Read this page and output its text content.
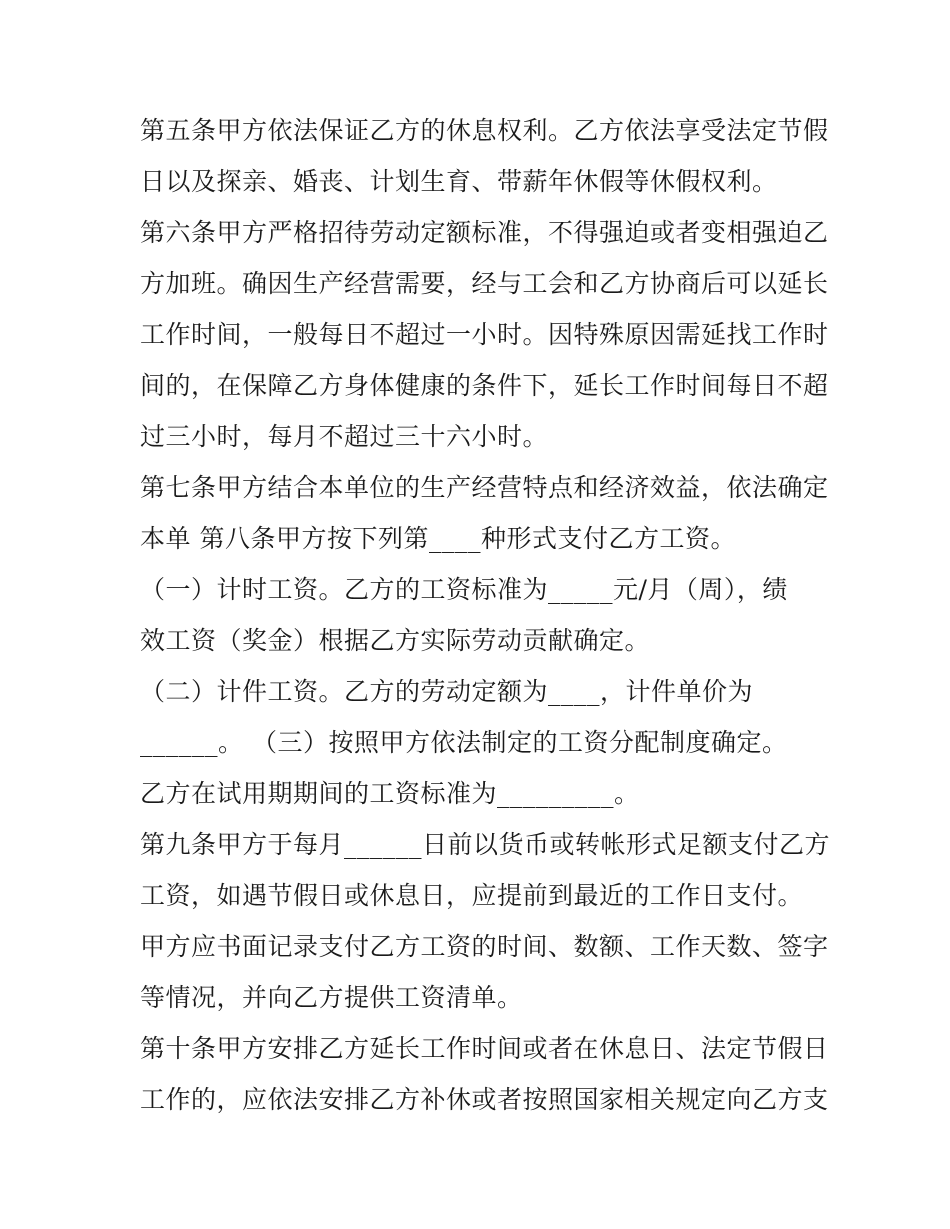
第五条甲方依法保证乙方的休息权利。乙方依法享受法定节假
日以及探亲、婚丧、计划生育、带薪年休假等休假权利。
第六条甲方严格招待劳动定额标准，不得强迫或者变相强迫乙
方加班。确因生产经营需要，经与工会和乙方协商后可以延长
工作时间，一般每日不超过一小时。因特殊原因需延找工作时
间的，在保障乙方身体健康的条件下，延长工作时间每日不超
过三小时，每月不超过三十六小时。
第七条甲方结合本单位的生产经营特点和经济效益，依法确定
本单 第八条甲方按下列第____种形式支付乙方工资。
（一）计时工资。乙方的工资标准为_____元/月（周），绩
效工资（奖金）根据乙方实际劳动贡献确定。
（二）计件工资。乙方的劳动定额为____，计件单价为
______。 （三）按照甲方依法制定的工资分配制度确定。
乙方在试用期期间的工资标准为_________。
第九条甲方于每月______日前以货币或转帐形式足额支付乙方
工资，如遇节假日或休息日，应提前到最近的工作日支付。
甲方应书面记录支付乙方工资的时间、数额、工作天数、签字
等情况，并向乙方提供工资清单。
第十条甲方安排乙方延长工作时间或者在休息日、法定节假日
工作的，应依法安排乙方补休或者按照国家相关规定向乙方支
